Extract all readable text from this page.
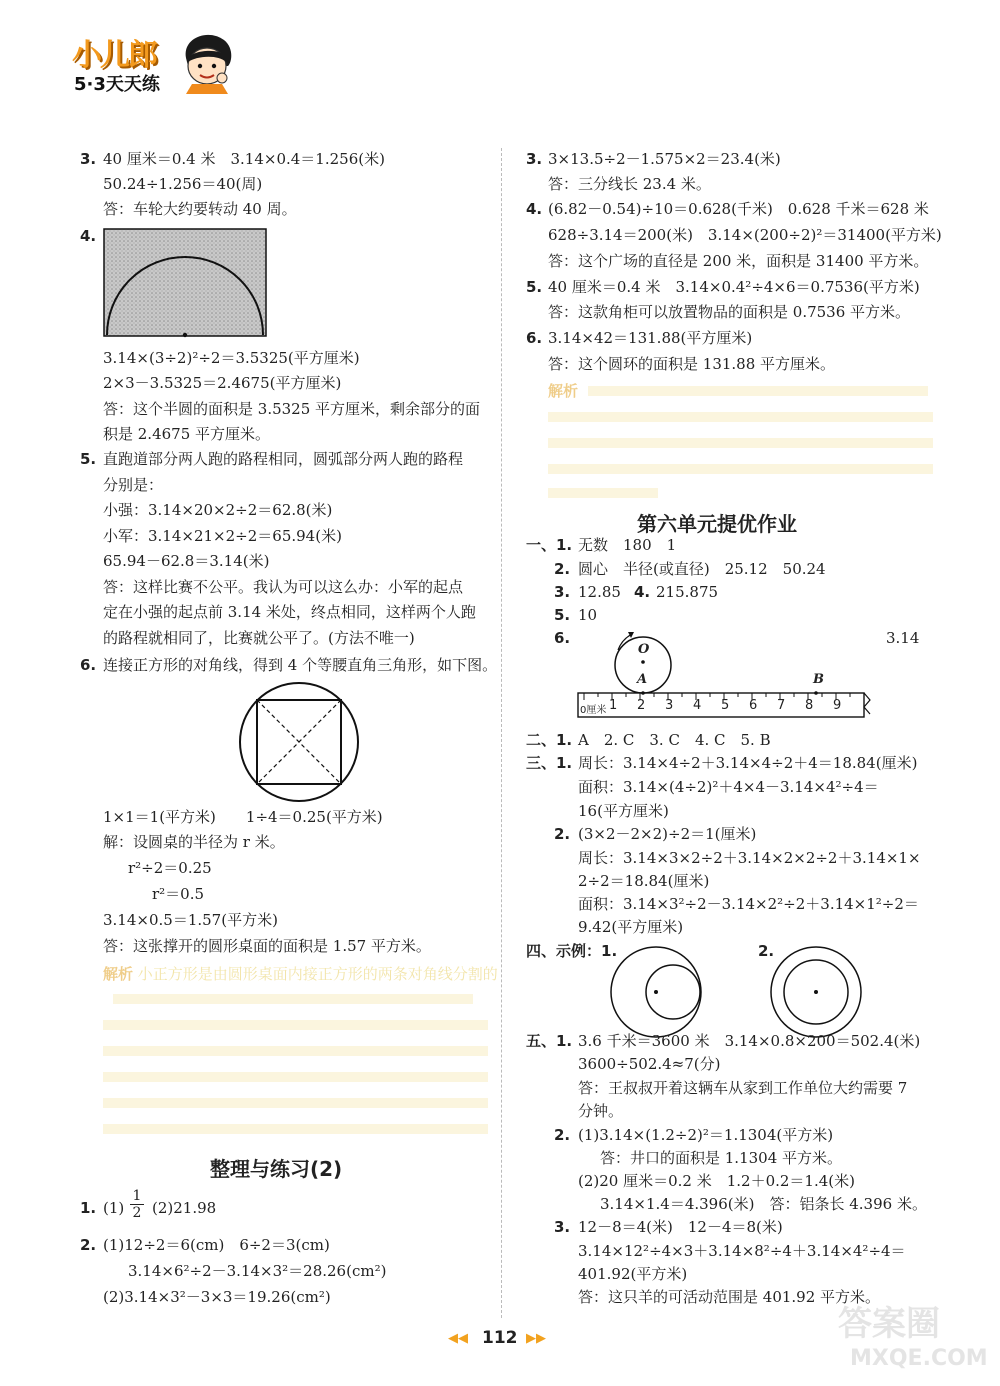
小儿郎
5·3天天练
3. 40 厘米＝0.4 米　3.14×0.4＝1.256(米)
50.24÷1.256＝40(周)
答：车轮大约要转动 40 周。
4.
3.14×(3÷2)²÷2＝3.5325(平方厘米)
2×3－3.5325＝2.4675(平方厘米)
答：这个半圆的面积是 3.5325 平方厘米，剩余部分的面
积是 2.4675 平方厘米。
5. 直跑道部分两人跑的路程相同，圆弧部分两人跑的路程
分别是：
小强：3.14×20×2÷2＝62.8(米)
小军：3.14×21×2÷2＝65.94(米)
65.94－62.8＝3.14(米)
答：这样比赛不公平。我认为可以这么办：小军的起点
定在小强的起点前 3.14 米处，终点相同，这样两个人跑
的路程就相同了，比赛就公平了。(方法不唯一)
6. 连接正方形的对角线，得到 4 个等腰直角三角形，如下图。
1×1＝1(平方米)　　1÷4＝0.25(平方米)
解：设圆桌的半径为 r 米。
r²÷2＝0.25
r²＝0.5
3.14×0.5＝1.57(平方米)
答：这张撑开的圆形桌面的面积是 1.57 平方米。
解析 小正方形是由圆形桌面内接正方形的两条对角线分割的
整理与练习(2)
1. $(1) \frac{1}{2} (2)21.98$
2. (1)12÷2＝6(cm)　6÷2＝3(cm)
3.14×6²÷2－3.14×3²＝28.26(cm²)
(2)3.14×3²－3×3＝19.26(cm²)
3. 3×13.5÷2－1.575×2＝23.4(米)
答：三分线长 23.4 米。
4. (6.82－0.54)÷10＝0.628(千米)　0.628 千米＝628 米
628÷3.14＝200(米)　3.14×(200÷2)²＝31400(平方米)
答：这个广场的直径是 200 米，面积是 31400 平方米。
5. 40 厘米＝0.4 米　3.14×0.4²÷4×6＝0.7536(平方米)
答：这款角柜可以放置物品的面积是 0.7536 平方米。
6. 3.14×42＝131.88(平方厘米)
答：这个圆环的面积是 131.88 平方厘米。
解析
第六单元提优作业
一、1. 无数　180　1
2. 圆心　半径(或直径)　25.12　50.24
3. 12.85 4. 215.875
5. 10
6.	3.14
O
A	B
0厘米 1 2 3 4 5 6 7 8 9
二、1. A　2. C　3. C　4. C　5. B
三、1. 周长：3.14×4÷2＋3.14×4÷2＋4＝18.84(厘米)
面积：3.14×(4÷2)²＋4×4－3.14×4²÷4＝
16(平方厘米)
2. (3×2－2×2)÷2＝1(厘米)
周长：3.14×3×2÷2＋3.14×2×2÷2＋3.14×1×
2÷2＝18.84(厘米)
面积：3.14×3²÷2－3.14×2²÷2＋3.14×1²÷2＝
9.42(平方厘米)
四、示例：1.	2.
五、1. 3.6 千米＝3600 米　3.14×0.8×200＝502.4(米)
3600÷502.4≈7(分)
答：王叔叔开着这辆车从家到工作单位大约需要 7
分钟。
2. (1)3.14×(1.2÷2)²＝1.1304(平方米)
答：井口的面积是 1.1304 平方米。
(2)20 厘米＝0.2 米　1.2＋0.2＝1.4(米)
3.14×1.4＝4.396(米)　答：铝条长 4.396 米。
3. 12－8＝4(米)　12－4＝8(米)
3.14×12²÷4×3＋3.14×8²÷4＋3.14×4²÷4＝
401.92(平方米)
答：这只羊的可活动范围是 401.92 平方米。
◀◀ 112 ▶▶	答案圈
MXQE.COM
